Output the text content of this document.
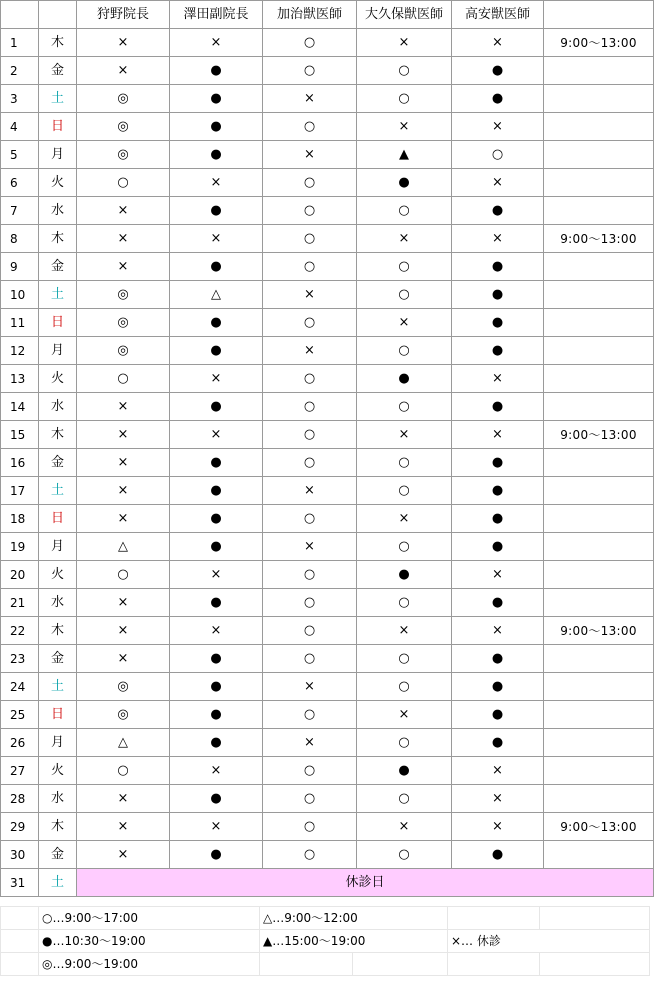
		狩野院長	澤田副院長	加治獣医師	大久保獣医師	高安獣医師	
1	木	×	×	○	×	×	9:00〜13:00
2	金	×	●	○	○	●	
3	土	◎	●	×	○	●	
4	日	◎	●	○	×	×	
5	月	◎	●	×	▲	○	
6	火	○	×	○	●	×	
7	水	×	●	○	○	●	
8	木	×	×	○	×	×	9:00〜13:00
9	金	×	●	○	○	●	
10	土	◎	△	×	○	●	
11	日	◎	●	○	×	●	
12	月	◎	●	×	○	●	
13	火	○	×	○	●	×	
14	水	×	●	○	○	●	
15	木	×	×	○	×	×	9:00〜13:00
16	金	×	●	○	○	●	
17	土	×	●	×	○	●	
18	日	×	●	○	×	●	
19	月	△	●	×	○	●	
20	火	○	×	○	●	×	
21	水	×	●	○	○	●	
22	木	×	×	○	×	×	9:00〜13:00
23	金	×	●	○	○	●	
24	土	◎	●	×	○	●	
25	日	◎	●	○	×	●	
26	月	△	●	×	○	●	
27	火	○	×	○	●	×	
28	水	×	●	○	○	×	
29	木	×	×	○	×	×	9:00〜13:00
30	金	×	●	○	○	●	
31	土	休診日					
	○…9:00〜17:00	△…9:00〜12:00			
	●…10:30〜19:00	▲…15:00〜19:00		×… 休診	
	◎…9:00〜19:00				
